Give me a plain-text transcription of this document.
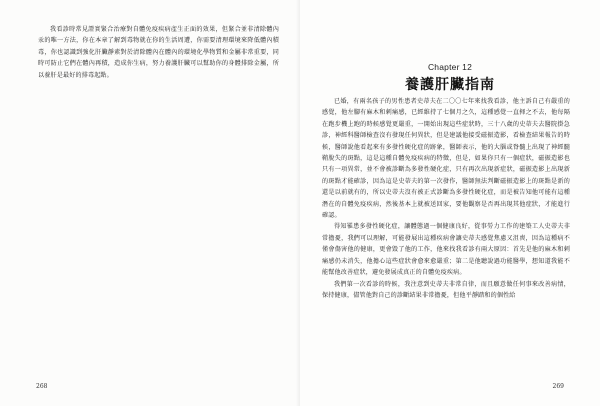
我看診時常見證實緊合治療對自體免疫疾病產生正面的效果，但緊合並非清除體內汞的唯一方法，你在本章了解到毒物就在你的生活周遭，你需要清理環境來降低體內積毒，你也認識到強化肝臟靜素對於清除體內在體內的環境化學物質和金屬非常重要，同時可防止它們在體內再積，造成你生病，努力養護肝臟可以幫助你的身體排除金屬，所以養肝是最好的排毒起點。

268
Chapter 12
養護肝臟指南

已婚，有兩名孩子的男性患者史蒂夫在二〇〇七年來找我看診，他主訴自己有嚴重的感覺，他左腳有麻木和刺痛感，已經維持了七個月之久，這種感覺一直揮之不去，他每隔在跑步機上跑的時候感覺更嚴重，一開始出現這些症狀時，三十八歲的史蒂夫去醫院掛急診，神經科醫師檢查沒有發現任何異狀，但是建議他接受磁振造影，看檢查結果報告的時候，醫師說他看起來有多發性硬化症的跡象，醫師表示，他的大腦或脊髓上出現了神經髓鞘脫失的斑點，這是這種自體免疫疾病的特徵，但是，如果你只有一個症狀，磁振造影也只有一項異常，並不會被診斷為多發性硬化症，只有再次出現新症狀，磁振造影上出現新的斑點才能確診，因為這是史蒂夫的第一次發作，醫師無法判斷磁振造影上的斑點是新的還是以前就有的，所以史蒂夫沒有被正式診斷為多發性硬化症，而是被告知他可能有這種潛在的自體免疫疾病，然後基本上就被送回家，要他觀察是否再出現其他症狀，才能進行確認。

得知罹患多發性硬化症，讓體態過一個健康良好，從事勞力工作的建築工人史蒂夫非常擔憂，我們可以理解，可能發展出這種疾病會讓史蒂夫感覺焦慮又沮喪，因為這種病不僅會傷害他的健康，更會毀了他的工作，他來找我看診有兩大原因：首先是他的麻木和刺痛感仍未消失，他擔心這些症狀會愈來愈嚴重；第二是他聽說過功能醫學，想知道我能不能幫他改善症狀，避免發展成真正的自體免疫疾病。

我們第一次看診的時候，我注意到史蒂夫非常自律，而且願意做任何事來改善病情，保持健康，儘管他對自己的診斷結果非常擔憂，但他平靜踏和的個性給

269
